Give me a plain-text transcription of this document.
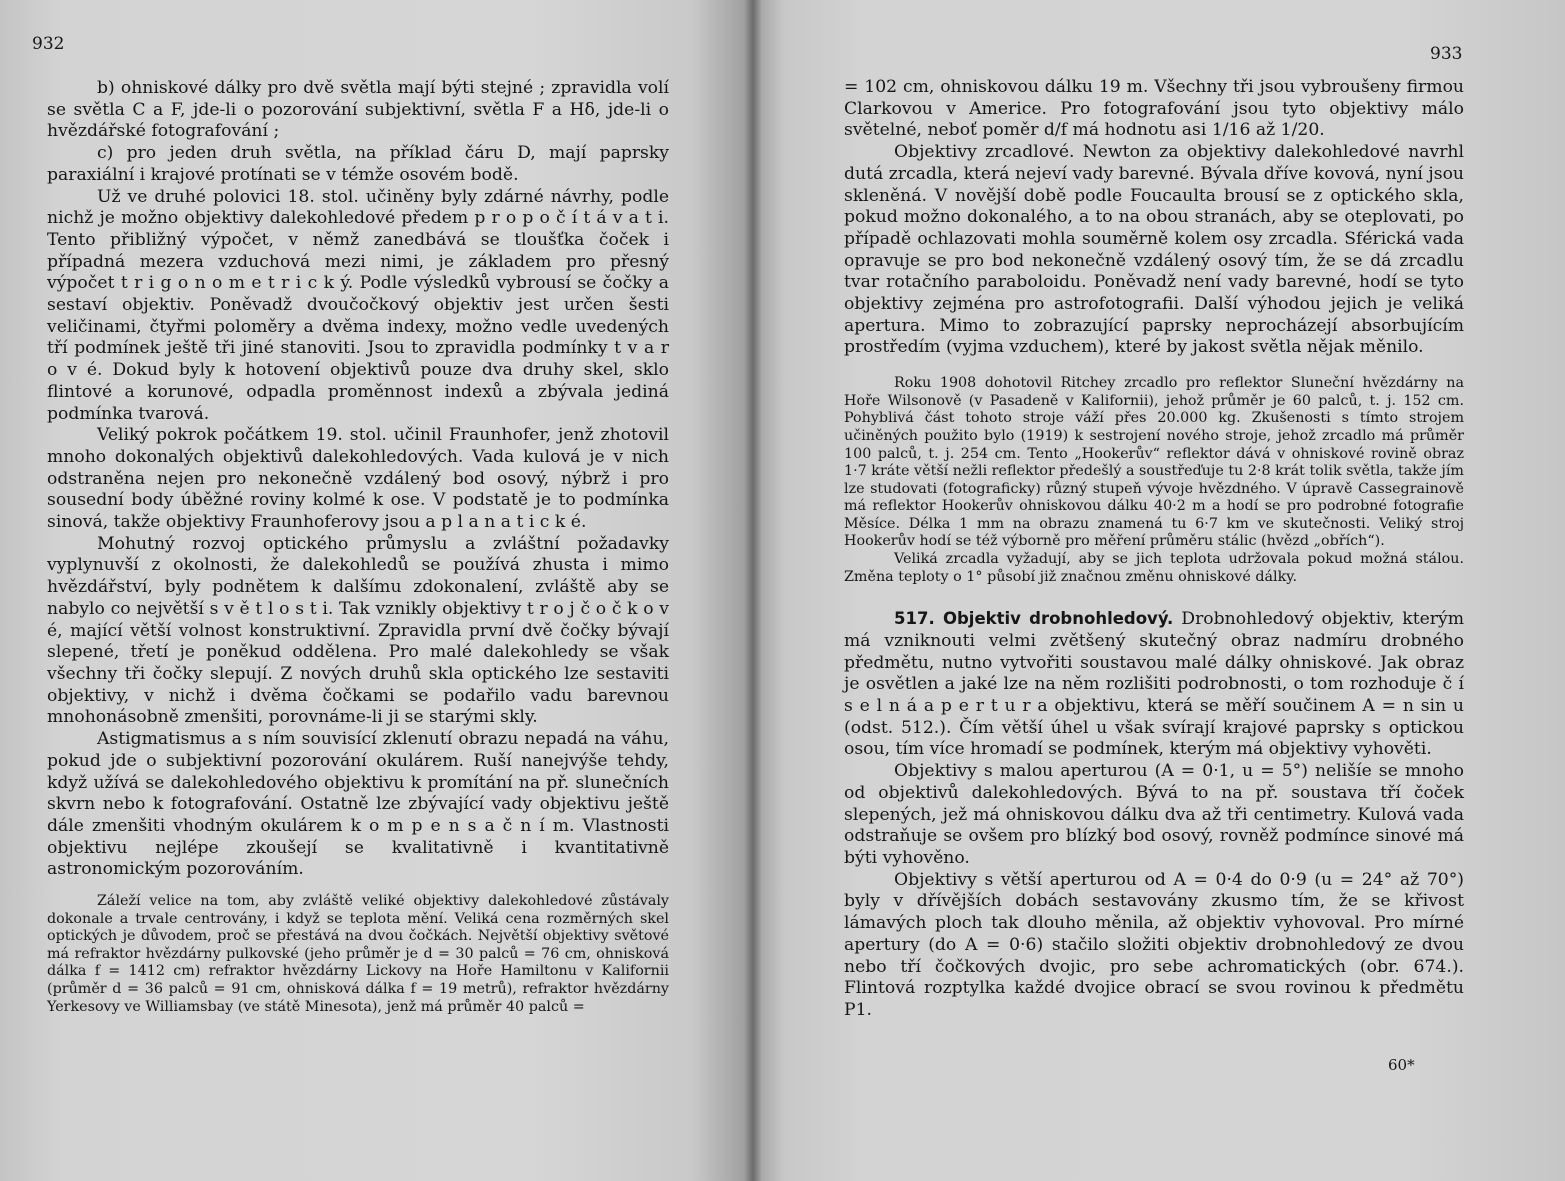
932

b) ohniskové dálky pro dvě světla mají býti stejné ; zpravidla volí se světla C a F, jde-li o pozorování subjektivní, světla F a Hδ, jde-li o hvězdářské fotografování ;

c) pro jeden druh světla, na příklad čáru D, mají paprsky paraxiální i krajové protínati se v témže osovém bodě.

Už ve druhé polovici 18. stol. učiněny byly zdárné návrhy, podle nichž je možno objektivy dalekohledové předem p r o p o č í t á v a t i. Tento přibližný výpočet, v němž zanedbává se tloušťka čoček i případná mezera vzduchová mezi nimi, je základem pro přesný výpočet t r i g o n o m e t r i c k ý. Podle výsledků vybrousí se čočky a sestaví objektiv. Poněvadž dvoučočkový objektiv jest určen šesti veličinami, čtyřmi poloměry a dvěma indexy, možno vedle uvedených tří podmínek ještě tři jiné stanoviti. Jsou to zpravidla podmínky t v a r o v é. Dokud byly k hotovení objektivů pouze dva druhy skel, sklo flintové a korunové, odpadla proměnnost indexů a zbývala jediná podmínka tvarová.

Veliký pokrok počátkem 19. stol. učinil Fraunhofer, jenž zhotovil mnoho dokonalých objektivů dalekohledových. Vada kulová je v nich odstraněna nejen pro nekonečně vzdálený bod osový, nýbrž i pro sousední body úběžné roviny kolmé k ose. V podstatě je to podmínka sinová, takže objektivy Fraunhoferovy jsou a p l a n a t i c k é.

Mohutný rozvoj optického průmyslu a zvláštní požadavky vyplynuvší z okolnosti, že dalekohledů se používá zhusta i mimo hvězdářství, byly podnětem k dalšímu zdokonalení, zvláště aby se nabylo co největší s v ě t l o s t i. Tak vznikly objektivy t r o j č o č k o v é, mající větší volnost konstruktivní. Zpravidla první dvě čočky bývají slepené, třetí je poněkud oddělena. Pro malé dalekohledy se však všechny tři čočky slepují. Z nových druhů skla optického lze sestaviti objektivy, v nichž i dvěma čočkami se podařilo vadu barevnou mnohonásobně zmenšiti, porovnáme-li ji se starými skly.

Astigmatismus a s ním souvisící zklenutí obrazu nepadá na váhu, pokud jde o subjektivní pozorování okulárem. Ruší nanejvýše tehdy, když užívá se dalekohledového objektivu k promítání na př. slunečních skvrn nebo k fotografování. Ostatně lze zbývající vady objektivu ještě dále zmenšiti vhodným okulárem k o m p e n s a č n í m. Vlastnosti objektivu nejlépe zkoušejí se kvalitativně i kvantitativně astronomickým pozorováním.

Záleží velice na tom, aby zvláště veliké objektivy dalekohledové zůstávaly dokonale a trvale centrovány, i když se teplota mění. Veliká cena rozměrných skel optických je důvodem, proč se přestává na dvou čočkách. Největší objektivy světové má refraktor hvězdárny pulkovské (jeho průměr je d = 30 palců = 76 cm, ohnisková dálka f = 1412 cm) refraktor hvězdárny Lickovy na Hoře Hamiltonu v Kalifornii (průměr d = 36 palců = 91 cm, ohnisková dálka f = 19 metrů), refraktor hvězdárny Yerkesovy ve Williamsbay (ve státě Minesota), jenž má průměr 40 palců =

933

= 102 cm, ohniskovou dálku 19 m. Všechny tři jsou vybroušeny firmou Clarkovou v Americe. Pro fotografování jsou tyto objektivy málo světelné, neboť poměr d/f má hodnotu asi 1/16 až 1/20.

Objektivy zrcadlové. Newton za objektivy dalekohledové navrhl dutá zrcadla, která nejeví vady barevné. Bývala dříve kovová, nyní jsou skleněná. V novější době podle Foucaulta brousí se z optického skla, pokud možno dokonalého, a to na obou stranách, aby se oteplovati, po případě ochlazovati mohla souměrně kolem osy zrcadla. Sférická vada opravuje se pro bod nekonečně vzdálený osový tím, že se dá zrcadlu tvar rotačního paraboloidu. Poněvadž není vady barevné, hodí se tyto objektivy zejména pro astrofotografii. Další výhodou jejich je veliká apertura. Mimo to zobrazující paprsky neprocházejí absorbujícím prostředím (vyjma vzduchem), které by jakost světla nějak měnilo.

Roku 1908 dohotovil Ritchey zrcadlo pro reflektor Sluneční hvězdárny na Hoře Wilsonově (v Pasadeně v Kalifornii), jehož průměr je 60 palců, t. j. 152 cm. Pohyblivá část tohoto stroje váží přes 20.000 kg. Zkušenosti s tímto strojem učiněných použito bylo (1919) k sestrojení nového stroje, jehož zrcadlo má průměr 100 palců, t. j. 254 cm. Tento „Hookerův“ reflektor dává v ohniskové rovině obraz 1·7 kráte větší nežli reflektor předešlý a soustřeďuje tu 2·8 krát tolik světla, takže jím lze studovati (fotograficky) různý stupeň vývoje hvězdného. V úpravě Cassegrainově má reflektor Hookerův ohniskovou dálku 40·2 m a hodí se pro podrobné fotografie Měsíce. Délka 1 mm na obrazu znamená tu 6·7 km ve skutečnosti. Veliký stroj Hookerův hodí se též výborně pro měření průměru stálic (hvězd „obřích“).

Veliká zrcadla vyžadují, aby se jich teplota udržovala pokud možná stálou. Změna teploty o 1° působí již značnou změnu ohniskové dálky.

517. Objektiv drobnohledový. Drobnohledový objektiv, kterým má vzniknouti velmi zvětšený skutečný obraz nadmíru drobného předmětu, nutno vytvořiti soustavou malé dálky ohniskové. Jak obraz je osvětlen a jaké lze na něm rozlišiti podrobnosti, o tom rozhoduje č í s e l n á a p e r t u r a objektivu, která se měří součinem A = n sin u (odst. 512.). Čím větší úhel u však svírají krajové paprsky s optickou osou, tím více hromadí se podmínek, kterým má objektivy vyhověti.

Objektivy s malou aperturou (A = 0·1, u = 5°) nelišíe se mnoho od objektivů dalekohledových. Bývá to na př. soustava tří čoček slepených, jež má ohniskovou dálku dva až tři centimetry. Kulová vada odstraňuje se ovšem pro blízký bod osový, rovněž podmínce sinové má býti vyhověno.

Objektivy s větší aperturou od A = 0·4 do 0·9 (u = 24° až 70°) byly v dřívějších dobách sestavovány zkusmo tím, že se křivost lámavých ploch tak dlouho měnila, až objektiv vyhovoval. Pro mírné apertury (do A = 0·6) stačilo složiti objektiv drobnohledový ze dvou nebo tří čočkových dvojic, pro sebe achromatických (obr. 674.). Flintová rozptylka každé dvojice obrací se svou rovinou k předmětu P1.

60*
